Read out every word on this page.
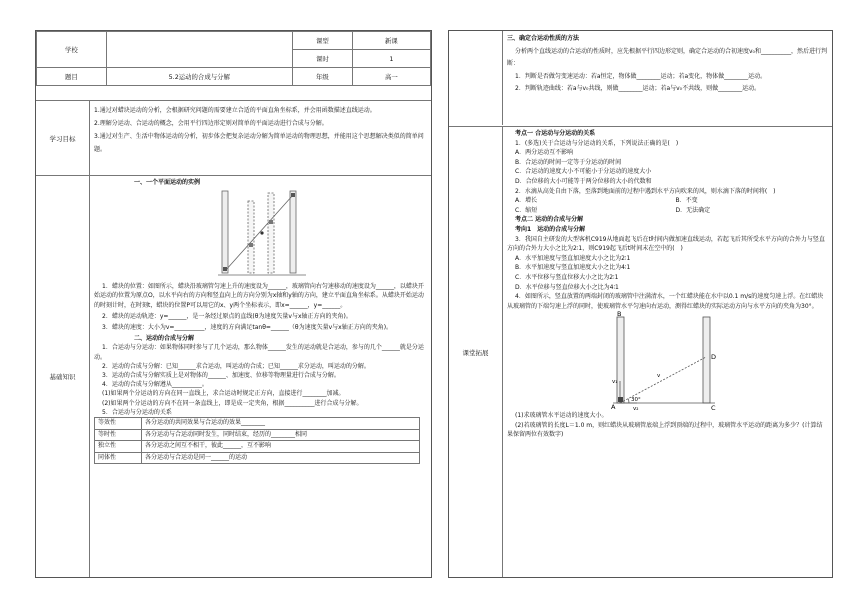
学校		课型	新课
		课时	1
题目	5.2运动的合成与分解	年级	高一
学习目标

1.通过对蜡块运动的分析，会根据研究问题的需要建立合适的平面直角坐标系，并会用函数描述直线运动。

2.理解分运动、合运动的概念，会用平行四边形定则对简单的平面运动进行合成与分解。

3.通过对生产、生活中物体运动的分析，初步体会把复杂运动分解为简单运动的物理思想，并能用这个思想解决类似的简单问题。

基础知识

一、一个平面运动的实例

1．蜡块的位置：如图所示，蜡块沿玻璃管匀速上升的速度设为______，玻璃管向右匀速移动的速度设为______，以蜡块开始运动的位置为原点O，以水平向右的方向和竖直向上的方向分别为x轴和y轴的方向，建立平面直角坐标系。从蜡块开始运动的时刻计时，在时刻t，蜡块的位置P可以用它的x、y两个坐标表示，即x=______，y=______。

2．蜡块的运动轨迹：y=______，是一条经过原点的直线(θ为速度矢量v与x轴正方向的夹角)。

3．蜡块的速度：大小为v=__________，速度的方向满足tanθ=______（θ为速度矢量v与x轴正方向的夹角)。

二、运动的合成与分解

1．合运动与分运动：如果物体同时参与了几个运动，那么物体______发生的运动就是合运动，参与的几个______就是分运动。

2．运动的合成与分解：已知______求合运动，叫运动的合成；已知______求分运动，叫运动的分解。

3．运动的合成与分解实质上是对物体的______、加速度、位移等物理量进行合成与分解。

4．运动的合成与分解遵从__________。

(1)如果两个分运动的方向在同一直线上，求合运动时规定正方向，直接进行________加减。

(2)如果两个分运动的方向不在同一条直线上，即是成一定夹角，根据__________进行合成与分解。

5．合运动与分运动的关系

等效性	各分运动的共同效果与合运动的效果________
等时性	各分运动与合运动同时发生，同时结束，经历的________相同
独立性	各分运动之间互不相干，彼此______，互不影响
同体性	各分运动与合运动是同一______的运动

三、确定合运动性质的方法

分析两个直线运动的合运动的性质时，应先根据平行四边形定则，确定合运动的合初速度v₀和__________，然后进行判断：

1．判断是否做匀变速运动：若a恒定，物体做________运动；若a变化，物体做________运动。

2．判断轨迹曲线：若a与v₀共线，则做________运动；若a与v₀不共线，则做________运动。

课堂拓展

考点一 合运动与分运动的关系

1．(多选)关于合运动与分运动的关系，下列说法正确的是(　)

A．两分运动互不影响

B．合运动的时间一定等于分运动的时间

C．合运动的速度大小不可能小于分运动的速度大小

D．合位移的大小可能等于两分位移的大小的代数和

2．水滴从高处自由下落，至落到地面前的过程中遇到水平方向吹来的风，则水滴下落的时间将(　)

A．增长	B．不变
C．缩短	D．无法确定

考点二 运动的合成与分解

考向1　运动的合成与分解

3．我国自主研发的大型客机C919从地面起飞后在t时间内做加速直线运动，若起飞后其所受水平方向的合外力与竖直方向的合外力大小之比为2∶1，则C919起飞后t时间末在空中的(　)

A．水平加速度与竖直加速度大小之比为2∶1

B．水平加速度与竖直加速度大小之比为4∶1

C．水平位移与竖直位移大小之比为2∶1

D．水平位移与竖直位移大小之比为4∶1

4．如图所示，竖直放置的两端封闭的玻璃管中注满清水，一个红蜡块能在水中以0.1 m/s的速度匀速上浮。在红蜡块从玻璃管的下端匀速上浮的同时，使玻璃管水平匀速向右运动，测得红蜡块的实际运动方向与水平方向的夹角为30°。

B
D
A	C
v₁
v₂
v
30°

(1)求玻璃管水平运动的速度大小。

(2)若玻璃管的长度L＝1.0 m，则红蜡块从玻璃管底端上浮到顶端的过程中，玻璃管水平运动的距离为多少？(计算结果保留两位有效数字)
